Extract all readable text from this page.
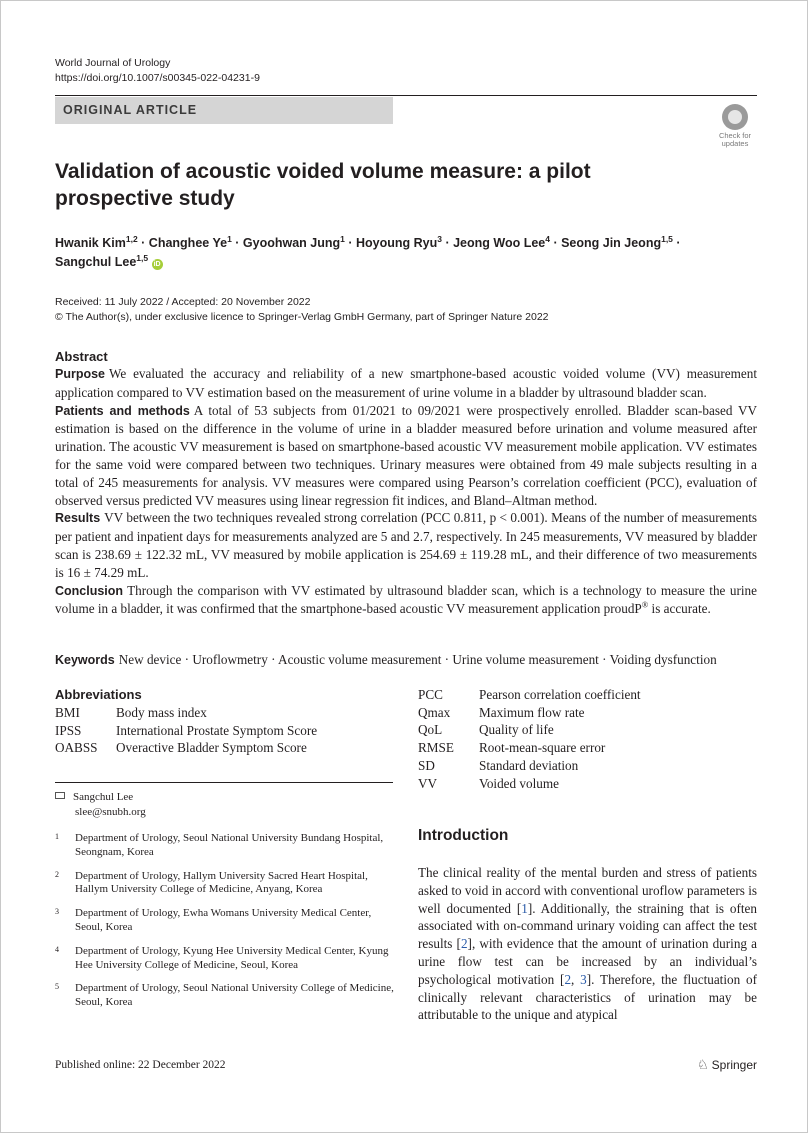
World Journal of Urology
https://doi.org/10.1007/s00345-022-04231-9
ORIGINAL ARTICLE
Check for
updates
Validation of acoustic voided volume measure: a pilot prospective study
Hwanik Kim$^{1,2}$ · Changhee $Ye^1$ · Gyoohwan Jung$^1$ · Hoyoung Ryu$^3$ · Jeong Woo Lee$^4$ · Seong Jin Jeong$^{1,5}$ ·
Sangchul Lee$^{1,5}$ iD
Received: 11 July 2022 / Accepted: 20 November 2022
© The Author(s), under exclusive licence to Springer-Verlag GmbH Germany, part of Springer Nature 2022
Abstract

Purpose We evaluated the accuracy and reliability of a new smartphone-based acoustic voided volume (VV) measurement application compared to VV estimation based on the measurement of urine volume in a bladder by ultrasound bladder scan.

Patients and methods A total of 53 subjects from 01/2021 to 09/2021 were prospectively enrolled. Bladder scan-based VV estimation is based on the difference in the volume of urine in a bladder measured before urination and volume measured after urination. The acoustic VV measurement is based on smartphone-based acoustic VV measurement mobile application. VV estimates for the same void were compared between two techniques. Urinary measures were obtained from 49 male subjects resulting in a total of 245 measurements for analysis. VV measures were compared using Pearson’s correlation coefficient (PCC), evaluation of observed versus predicted VV measures using linear regression fit indices, and Bland–Altman method.

Results VV between the two techniques revealed strong correlation (PCC 0.811, p < 0.001). Means of the number of measurements per patient and inpatient days for measurements analyzed are 5 and 2.7, respectively. In 245 measurements, VV measured by bladder scan is 238.69 ± 122.32 mL, VV measured by mobile application is 254.69 ± 119.28 mL, and their difference of two measurements is 16 ± 74.29 mL.

Conclusion Through the comparison with VV estimated by ultrasound bladder scan, which is a technology to measure the urine volume in a bladder, it was confirmed that the smartphone-based acoustic VV measurement application proudP® is accurate.

Keywords New device · Uroflowmetry · Acoustic volume measurement · Urine volume measurement · Voiding dysfunction
Abbreviations
BMI	Body mass index
IPSS	International Prostate Symptom Score
OABSS	Overactive Bladder Symptom Score
PCC	Pearson correlation coefficient
Qmax	Maximum flow rate
QoL	Quality of life
RMSE	Root-mean-square error
SD	Standard deviation
VV	Voided volume
Sangchul Lee
slee@snubh.org
1	Department of Urology, Seoul National University Bundang Hospital, Seongnam, Korea
2	Department of Urology, Hallym University Sacred Heart Hospital, Hallym University College of Medicine, Anyang, Korea
3	Department of Urology, Ewha Womans University Medical Center, Seoul, Korea
4	Department of Urology, Kyung Hee University Medical Center, Kyung Hee University College of Medicine, Seoul, Korea
5	Department of Urology, Seoul National University College of Medicine, Seoul, Korea
Introduction
The clinical reality of the mental burden and stress of patients asked to void in accord with conventional uroflow parameters is well documented [1]. Additionally, the straining that is often associated with on-command urinary voiding can affect the test results [2], with evidence that the amount of urination during a urine flow test can be increased by an individual’s psychological motivation [2, 3]. Therefore, the fluctuation of clinically relevant characteristics of urination may be attributable to the unique and atypical
Published online: 22 December 2022	♘ Springer
